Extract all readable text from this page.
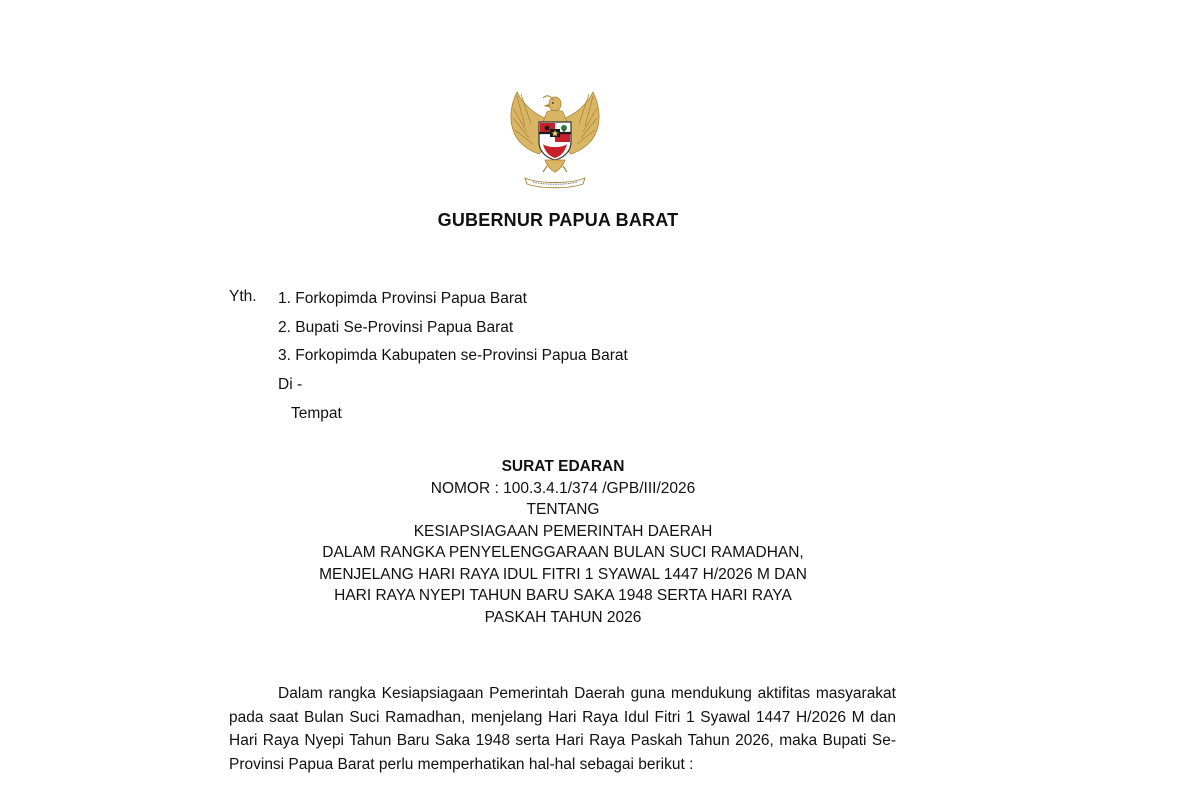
GUBERNUR PAPUA BARAT
Yth. 1. Forkopimda Provinsi Papua Barat
2. Bupati Se-Provinsi Papua Barat
3. Forkopimda Kabupaten se-Provinsi Papua Barat
Di -
Tempat
SURAT EDARAN
NOMOR : 100.3.4.1/374 /GPB/III/2026
TENTANG
KESIAPSIAGAAN PEMERINTAH DAERAH
DALAM RANGKA PENYELENGGARAAN BULAN SUCI RAMADHAN,
MENJELANG HARI RAYA IDUL FITRI 1 SYAWAL 1447 H/2026 M DAN
HARI RAYA NYEPI TAHUN BARU SAKA 1948 SERTA HARI RAYA
PASKAH TAHUN 2026

Dalam rangka Kesiapsiagaan Pemerintah Daerah guna mendukung aktifitas masyarakat pada saat Bulan Suci Ramadhan, menjelang Hari Raya Idul Fitri 1 Syawal 1447 H/2026 M dan Hari Raya Nyepi Tahun Baru Saka 1948 serta Hari Raya Paskah Tahun 2026, maka Bupati Se-Provinsi Papua Barat perlu memperhatikan hal-hal sebagai berikut :
